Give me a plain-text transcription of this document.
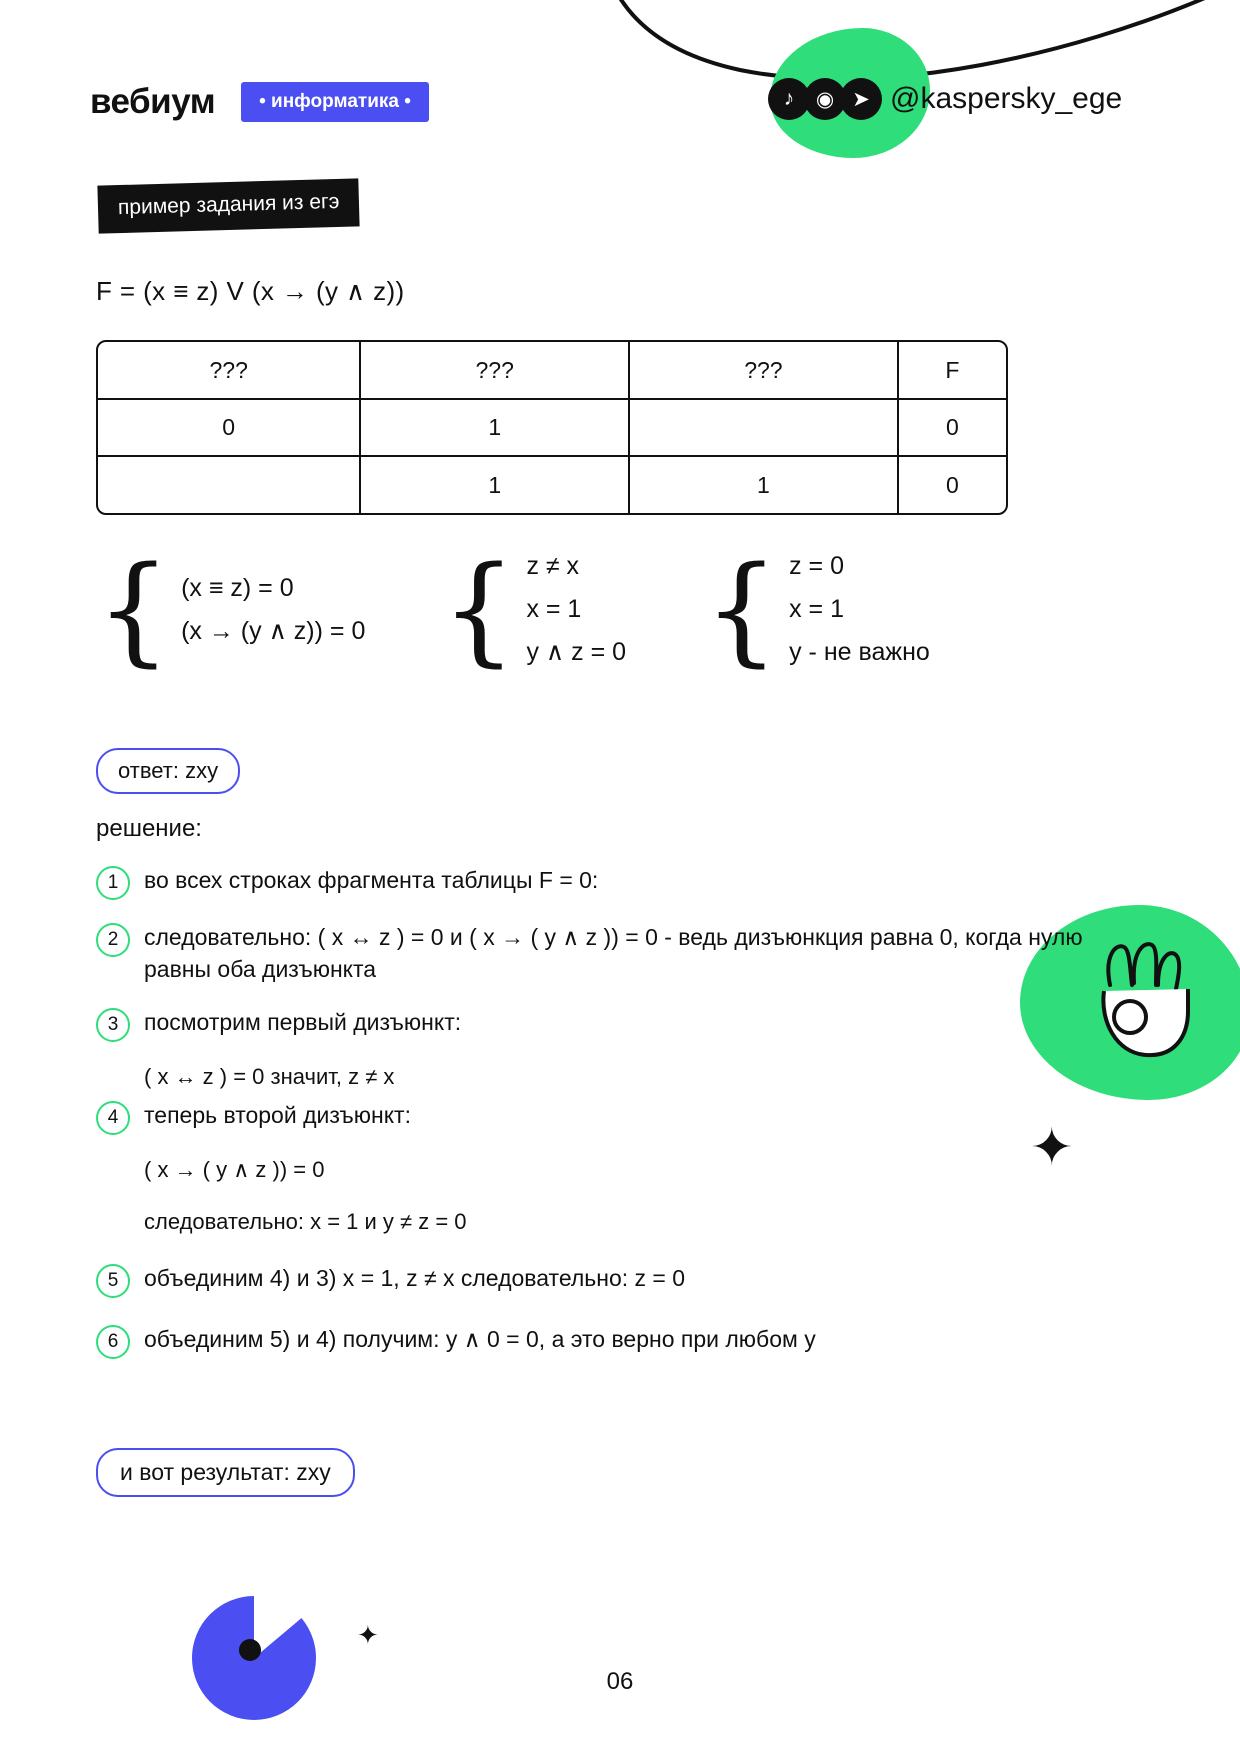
вебиум	• информатика •	♪	◉ ➤ @kaspersky_ege
пример задания из егэ
F = (x ≡ z) V (x → (y ∧ z))
???	???	???	F
0	1		0
	1	1	0
{ (x ≡ z) = 0
(x → (y ∧ z)) = 0 { z ≠ x
x = 1
y ∧ z = 0 { z = 0
x = 1
y - не важно
ответ: zxy
решение:
1	во всех строках фрагмента таблицы F = 0:
2	следовательно: ( x ↔ z ) = 0 и ( x → ( y ∧ z )) = 0 - ведь дизъюнкция равна 0, когда нулю равны оба дизъюнкта
3	посмотрим первый дизъюнкт:
( x ↔ z ) = 0 значит, z ≠ x
4	теперь второй дизъюнкт:
( x → ( y ∧ z )) = 0
следовательно: x = 1 и y ≠ z = 0
5	объединим 4) и 3) x = 1, z ≠ x следовательно: z = 0
6	объединим 5) и 4) получим: y ∧ 0 = 0, а это верно при любом y
и вот результат: zxy
✦
✦
06
